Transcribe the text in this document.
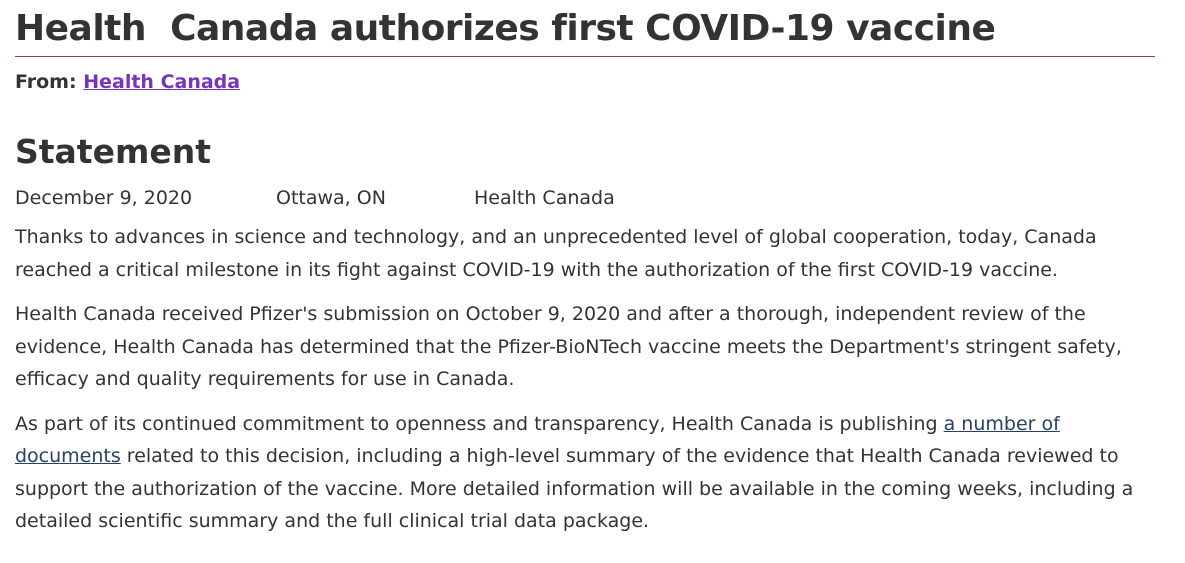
Health  Canada authorizes first COVID-19 vaccine
From: Health Canada
Statement
December 9, 2020	Ottawa, ON	Health Canada

Thanks to advances in science and technology, and an unprecedented level of global cooperation, today, Canada reached a critical milestone in its fight against COVID-19 with the authorization of the first COVID-19 vaccine.

Health Canada received Pfizer's submission on October 9, 2020 and after a thorough, independent review of the evidence, Health Canada has determined that the Pfizer-BioNTech vaccine meets the Department's stringent safety, efficacy and quality requirements for use in Canada.

As part of its continued commitment to openness and transparency, Health Canada is publishing a number of documents related to this decision, including a high-level summary of the evidence that Health Canada reviewed to support the authorization of the vaccine. More detailed information will be available in the coming weeks, including a detailed scientific summary and the full clinical trial data package.
